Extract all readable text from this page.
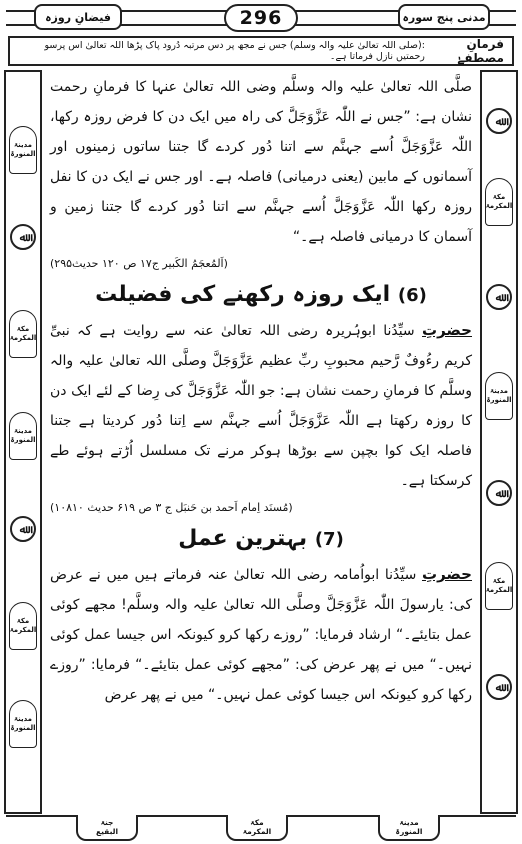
فیضانِ روزہ	296	مدنی پنج سورہ
فرمانِ مصطفےٰ
:(صلی اللہ تعالیٰ علیہ والہ وسلم) جس نے مجھ پر دس مرتبہ دُرود پاک پڑھا اللہ تعالیٰ اس پرسو رحمتیں نازل فرماتا ہے۔
مدینۃ
المنورۃ
ﷲ
مکۃ
المکرمۃ
مدینۃ
المنورۃ
ﷲ
مکۃ
المکرمۃ
مدینۃ
المنورۃ
ﷲ
مکۃ
المکرمۃ
ﷲ
مدینۃ
المنورۃ
ﷲ
مکۃ
المکرمۃ
ﷲ

صلَّی اللہ تعالیٰ علیہ والہ وسلَّم وضی اللہ تعالیٰ عنہا کا فرمانِ رحمت نشان ہے: ”جس نے اللّٰہ عَزَّوَجَلَّ کی راہ میں ایک دن کا فرض روزہ رکھا، اللّٰہ عَزَّوَجَلَّ اُسے جہنَّم سے اتنا دُور کردے گا جتنا ساتوں زمینوں اور آسمانوں کے مابین (یعنی درمیانی) فاصلہ ہے۔ اور جس نے ایک دن کا نفل روزہ رکھا اللّٰہ عَزَّوَجَلَّ اُسے جہنَّم سے اتنا دُور کردے گا جتنا زمین و آسمان کا درمیانی فاصلہ ہے۔“

(اَلمُعجَمُ الکَبیر ج۱۷ ص ۱۲۰ حدیث۲۹۵)

(6) ایک روزہ رکھنے کی فضیلت

حضرتِ سیِّدُنا ابوہُریرہ رضی اللہ تعالیٰ عنہ سے روایت ہے کہ نبیِّ کریم رءُوفٌ رَّحیم محبوبِ ربِّ عظیم عَزَّوَجَلَّ وصلَّی اللہ تعالیٰ علیہ والہ وسلَّم کا فرمانِ رحمت نشان ہے: جو اللّٰہ عَزَّوَجَلَّ کی رِضا کے لئے ایک دن کا روزہ رکھتا ہے اللّٰہ عَزَّوَجَلَّ اُسے جہنَّم سے اِتنا دُور کردیتا ہے جتنا فاصلہ ایک کوا بچپن سے بوڑھا ہوکر مرنے تک مسلسل اُڑتے ہوئے طے کرسکتا ہے۔

(مُسنَد اِمام اَحمد بن حَنبَل ج ۳ ص ۶۱۹ حدیث ۱۰۸۱۰)

(7) بہترین عمل

حضرتِ سیِّدُنا ابواُمامہ رضی اللہ تعالیٰ عنہ فرماتے ہیں میں نے عرض کی: یارسولَ اللّٰہ عَزَّوَجَلَّ وصلَّی اللہ تعالیٰ علیہ والہ وسلَّم! مجھے کوئی عمل بتایئے۔“ ارشاد فرمایا: ”روزے رکھا کرو کیونکہ اس جیسا عمل کوئی نہیں۔“ میں نے پھر عرض کی: ”مجھے کوئی عمل بتایئے۔“ فرمایا: ”روزے رکھا کرو کیونکہ اس جیسا کوئی عمل نہیں۔“ میں نے پھر عرض

جنۃ
البقیع
مکۃ
المکرمۃ
مدینۃ
المنورۃ
